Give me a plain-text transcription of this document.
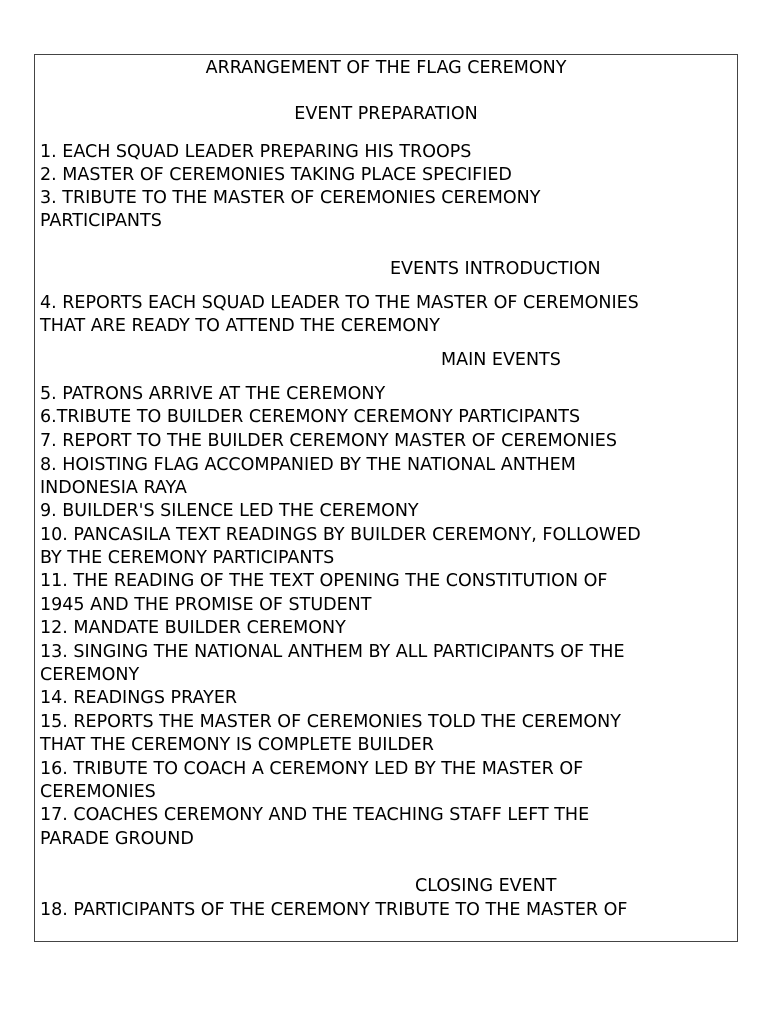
ARRANGEMENT OF THE FLAG CEREMONY

EVENT PREPARATION

1. EACH SQUAD LEADER PREPARING HIS TROOPS

2. MASTER OF CEREMONIES TAKING PLACE SPECIFIED

3. TRIBUTE TO THE MASTER OF CEREMONIES CEREMONY

PARTICIPANTS

EVENTS INTRODUCTION

4. REPORTS EACH SQUAD LEADER TO THE MASTER OF CEREMONIES

THAT ARE READY TO ATTEND THE CEREMONY

MAIN EVENTS

5. PATRONS ARRIVE AT THE CEREMONY

6.TRIBUTE TO BUILDER CEREMONY CEREMONY PARTICIPANTS

7. REPORT TO THE BUILDER CEREMONY MASTER OF CEREMONIES

8. HOISTING FLAG ACCOMPANIED BY THE NATIONAL ANTHEM

INDONESIA RAYA

9. BUILDER'S SILENCE LED THE CEREMONY

10. PANCASILA TEXT READINGS BY BUILDER CEREMONY, FOLLOWED

BY THE CEREMONY PARTICIPANTS

11. THE READING OF THE TEXT OPENING THE CONSTITUTION OF

1945 AND THE PROMISE OF STUDENT

12. MANDATE BUILDER CEREMONY

13. SINGING THE NATIONAL ANTHEM BY ALL PARTICIPANTS OF THE

CEREMONY

14. READINGS PRAYER

15. REPORTS THE MASTER OF CEREMONIES TOLD THE CEREMONY

THAT THE CEREMONY IS COMPLETE BUILDER

16. TRIBUTE TO COACH A CEREMONY LED BY THE MASTER OF

CEREMONIES

17. COACHES CEREMONY AND THE TEACHING STAFF LEFT THE

PARADE GROUND

CLOSING EVENT

18. PARTICIPANTS OF THE CEREMONY TRIBUTE TO THE MASTER OF
